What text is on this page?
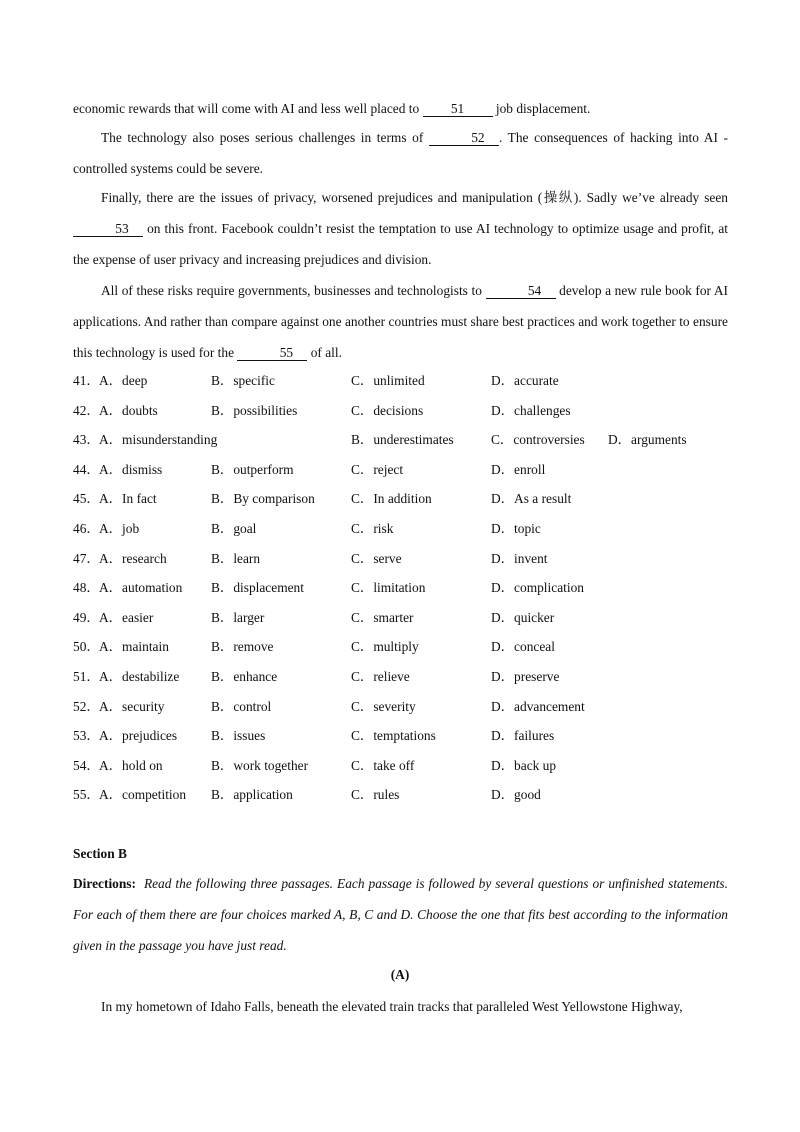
economic rewards that will come with AI and less well placed to 51 job displacement.

The technology also poses serious challenges in terms of	52 . The consequences of hacking into AI - controlled systems could be severe.

Finally, there are the issues of privacy, worsened prejudices and manipulation (操纵). Sadly we’ve already seen 53 on this front. Facebook couldn’t resist the temptation to use AI technology to optimize usage and profit, at the expense of user privacy and increasing prejudices and division.

All of these risks require governments, businesses and technologists to	54 develop a new rule book for AI applications. And rather than compare against one another countries must share best practices and work together to ensure this technology is used for the	55 of all.

41． A．deep	B．specific	C．unlimited	D．accurate
42． A．doubts	B．possibilities	C．decisions	D．challenges
43． A．misunderstanding	B．underestimates	C．controversies D．arguments
44． A．dismiss	B．outperform	C．reject	D．enroll
45． A．In fact	B．By comparison	C．In addition	D．As a result
46． A．job	B．goal	C．risk	D．topic
47． A．research	B．learn	C．serve	D．invent
48． A．automation B．displacement	C．limitation	D．complication
49． A．easier	B．larger	C．smarter	D．quicker
50． A．maintain	B．remove	C．multiply	D．conceal
51． A．destabilize B．enhance	C．relieve	D．preserve
52． A．security	B．control	C．severity	D．advancement
53． A．prejudices	B．issues	C．temptations	D．failures
54． A．hold on	B．work together	C．take off	D．back up
55． A．competition B．application	C．rules	D．good
Section B

Directions: Read the following three passages. Each passage is followed by several questions or unfinished statements. For each of them there are four choices marked A, B, C and D. Choose the one that fits best according to the information given in the passage you have just read.

(A)

In my hometown of Idaho Falls, beneath the elevated train tracks that paralleled West Yellowstone Highway,
